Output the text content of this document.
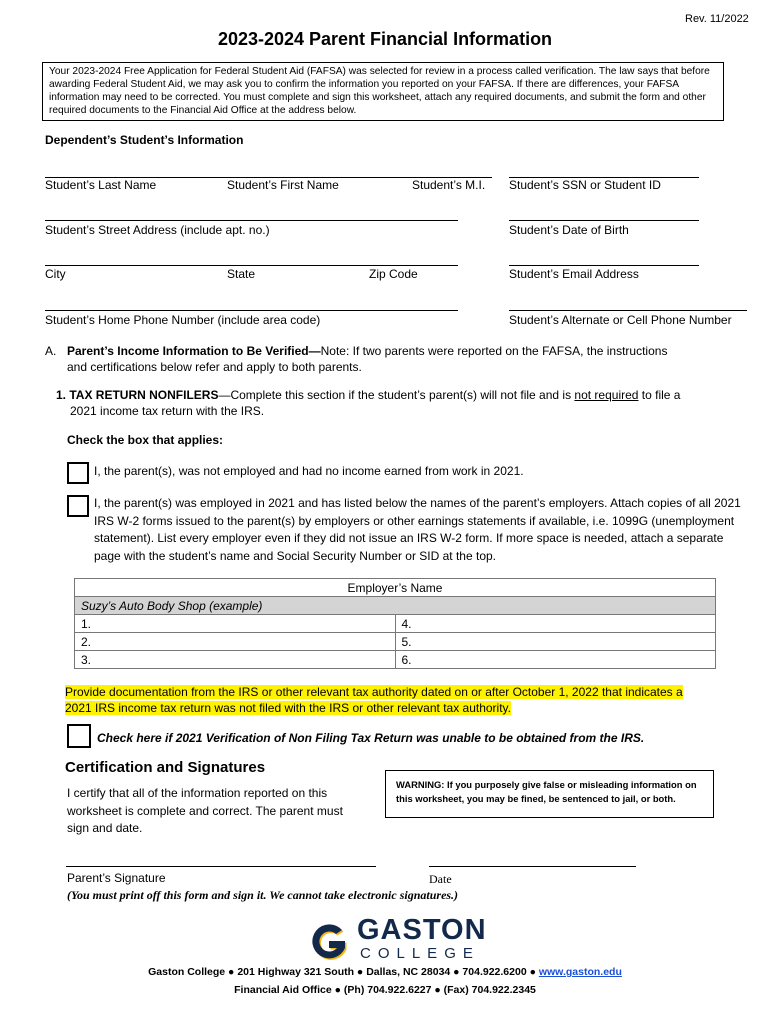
Rev. 11/2022
2023-2024 Parent Financial Information
Your 2023-2024 Free Application for Federal Student Aid (FAFSA) was selected for review in a process called verification. The law says that before awarding Federal Student Aid, we may ask you to confirm the information you reported on your FAFSA. If there are differences, your FAFSA information may need to be corrected. You must complete and sign this worksheet, attach any required documents, and submit the form and other required documents to the Financial Aid Office at the address below.
Dependent’s Student’s Information
Student’s Last Name	Student’s First Name	Student’s M.I. Student’s SSN or Student ID
Student’s Street Address (include apt. no.)	Student’s Date of Birth
City	State	Zip Code	Student’s Email Address
Student’s Home Phone Number (include area code)	Student’s Alternate or Cell Phone Number
A. Parent’s Income Information to Be Verified—Note: If two parents were reported on the FAFSA, the instructions
and certifications below refer and apply to both parents.
1. TAX RETURN NONFILERS—Complete this section if the student’s parent(s) will not file and is not required to file a
2021 income tax return with the IRS.
Check the box that applies:
I, the parent(s), was not employed and had no income earned from work in 2021.
I, the parent(s) was employed in 2021 and has listed below the names of the parent’s employers. Attach copies of all 2021 IRS W-2 forms issued to the parent(s) by employers or other earnings statements if available, i.e. 1099G (unemployment statement). List every employer even if they did not issue an IRS W-2 form. If more space is needed, attach a separate page with the student’s name and Social Security Number or SID at the top.
Employer’s Name	
Suzy’s Auto Body Shop (example)	
1.	4.
2.	5.
3.	6.
Provide documentation from the IRS or other relevant tax authority dated on or after October 1, 2022 that indicates a
2021 IRS income tax return was not filed with the IRS or other relevant tax authority.
Check here if 2021 Verification of Non Filing Tax Return was unable to be obtained from the IRS.
Certification and Signatures
I certify that all of the information reported on this worksheet is complete and correct. The parent must sign and date.
WARNING: If you purposely give false or misleading information on this worksheet, you may be fined, be sentenced to jail, or both.
Parent’s Signature	Date
(You must print off this form and sign it. We cannot take electronic signatures.)
GASTON
COLLEGE
Gaston College ● 201 Highway 321 South ● Dallas, NC 28034 ● 704.922.6200 ● www.gaston.edu
Financial Aid Office ● (Ph) 704.922.6227 ● (Fax) 704.922.2345
